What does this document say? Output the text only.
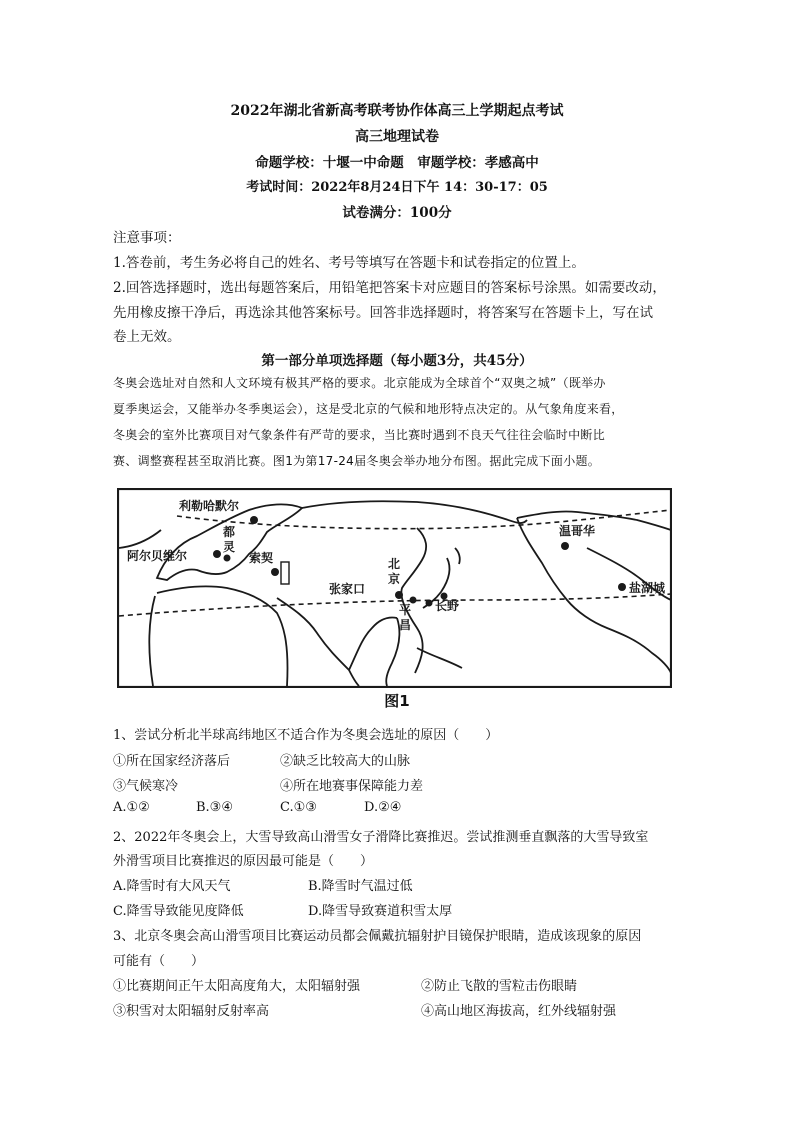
2022年湖北省新高考联考协作体高三上学期起点考试
高三地理试卷
命题学校：十堰一中命题　审题学校：孝感高中
考试时间：2022年8月24日下午 14：30-17：05
试卷满分：100分
注意事项：
1.答卷前，考生务必将自己的姓名、考号等填写在答题卡和试卷指定的位置上。
2.回答选择题时，选出每题答案后，用铅笔把答案卡对应题目的答案标号涂黑。如需要改动，
先用橡皮擦干净后，再选涂其他答案标号。回答非选择题时，将答案写在答题卡上，写在试
卷上无效。
第一部分单项选择题（每小题3分，共45分）
冬奥会选址对自然和人文环境有极其严格的要求。北京能成为全球首个“双奥之城”（既举办
夏季奥运会，又能举办冬季奥运会），这是受北京的气候和地形特点决定的。从气象角度来看，
冬奥会的室外比赛项目对气象条件有严苛的要求，当比赛时遇到不良天气往往会临时中断比
赛、调整赛程甚至取消比赛。图1为第17-24届冬奥会举办地分布图。据此完成下面小题。
利勒哈默尔
阿尔贝维尔
都
灵
索契	北
京
张家口
平
昌
长野
温哥华
盐湖城
图1
1、尝试分析北半球高纬地区不适合作为冬奥会选址的原因（　　）
①所在国家经济落后	②缺乏比较高大的山脉
③气候寒冷	④所在地赛事保障能力差
A.①②	B.③④	C.①③	D.②④
2、2022年冬奥会上，大雪导致高山滑雪女子滑降比赛推迟。尝试推测垂直飘落的大雪导致室
外滑雪项目比赛推迟的原因最可能是（　　）
A.降雪时有大风天气	B.降雪时气温过低
C.降雪导致能见度降低	D.降雪导致赛道积雪太厚
3、北京冬奥会高山滑雪项目比赛运动员都会佩戴抗辐射护目镜保护眼睛，造成该现象的原因
可能有（　　）
①比赛期间正午太阳高度角大，太阳辐射强	②防止飞散的雪粒击伤眼睛
③积雪对太阳辐射反射率高	④高山地区海拔高，红外线辐射强
